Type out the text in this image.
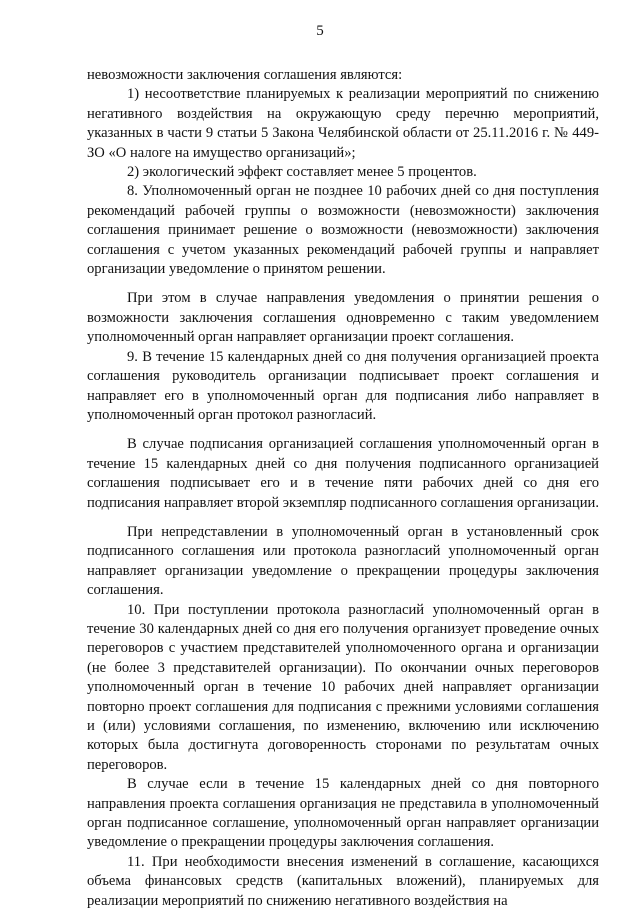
5

невозможности заключения соглашения являются:

1) несоответствие планируемых к реализации мероприятий по снижению негативного воздействия на окружающую среду перечню мероприятий, указанных в части 9 статьи 5 Закона Челябинской области от 25.11.2016 г. № 449-ЗО «О налоге на имущество организаций»;

2) экологический эффект составляет менее 5 процентов.

8. Уполномоченный орган не позднее 10 рабочих дней со дня поступления рекомендаций рабочей группы о возможности (невозможности) заключения соглашения принимает решение о возможности (невозможности) заключения соглашения с учетом указанных рекомендаций рабочей группы и направляет организации уведомление о принятом решении.

При этом в случае направления уведомления о принятии решения о возможности заключения соглашения одновременно с таким уведомлением уполномоченный орган направляет организации проект соглашения.

9. В течение 15 календарных дней со дня получения организацией проекта соглашения руководитель организации подписывает проект соглашения и направляет его в уполномоченный орган для подписания либо направляет в уполномоченный орган протокол разногласий.

В случае подписания организацией соглашения уполномоченный орган в течение 15 календарных дней со дня получения подписанного организацией соглашения подписывает его и в течение пяти рабочих дней со дня его подписания направляет второй экземпляр подписанного соглашения организации.

При непредставлении в уполномоченный орган в установленный срок подписанного соглашения или протокола разногласий уполномоченный орган направляет организации уведомление о прекращении процедуры заключения соглашения.

10. При поступлении протокола разногласий уполномоченный орган в течение 30 календарных дней со дня его получения организует проведение очных переговоров с участием представителей уполномоченного органа и организации (не более 3 представителей организации). По окончании очных переговоров уполномоченный орган в течение 10 рабочих дней направляет организации повторно проект соглашения для подписания с прежними условиями соглашения и (или) условиями соглашения, по изменению, включению или исключению которых была достигнута договоренность сторонами по результатам очных переговоров.

В случае если в течение 15 календарных дней со дня повторного направления проекта соглашения организация не представила в уполномоченный орган подписанное соглашение, уполномоченный орган направляет организации уведомление о прекращении процедуры заключения соглашения.

11. При необходимости внесения изменений в соглашение, касающихся объема финансовых средств (капитальных вложений), планируемых для реализации мероприятий по снижению негативного воздействия на
